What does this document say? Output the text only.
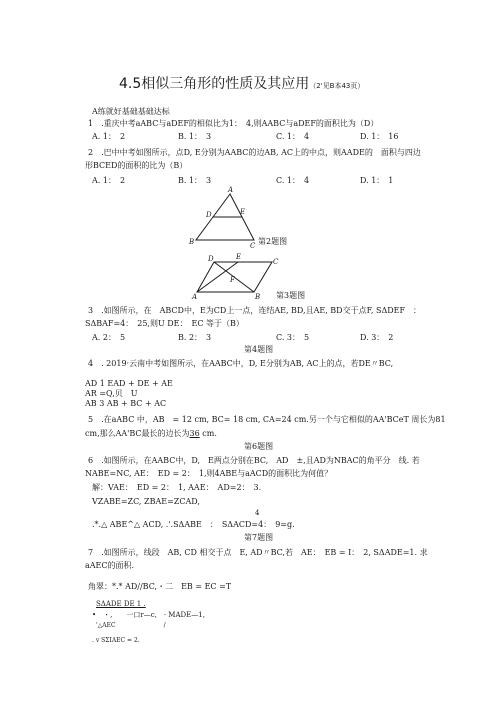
4.5相似三角形的性质及其应用（2'见B本43页）
A练就好基础基础达标
1　.重庆中考aABC与aDEF的相似比为1：　4,则AABC与aDEF的面积比为（D）
A. 1：　2	B. 1：　3	C. 1：　4	D. 1：　16
2　.巴中中考如图所示，点D, E分别为AABC的边AB, AC上的中点，则AADE的　面积与四边
形BCED的面积的比为（B）
A. 1：　2	B. 1：　3	C. 1：　4	D. 1：　1
A
D	E
B	C 第2题图
D	E
C
F
A	B 第3题图
3　.如图所示，在　ABCD中，E为CD上一点，连结AE, BD,且AE, BD交于点F, SΔDEF　：
SΔBAF=4：　25,则U DE：　EC 等于（B）
A. 2：　5	B. 2：　3	C. 3：　5	D. 3：　2
第4题图
4　. 2019·云南中考如图所示，在AABC中，D, E分别为AB, AC上的点，若DE〃BC,
AD 1 EAD + DE + AE
AR =Q,贝　U
AB 3 AB + BC + AC
5　.在aABC 中，AB　= 12 cm, BC= 18 cm, CA=24 cm.另一个与它相似的AA'BCeT 周长为81
cm,那么AA'BC最长的边长为36 cm.
第6题图
6　.如图所示，在AABC中，D,　E两点分别在BC,　AD　±,且AD为NBAC的角平分　线. 若
NABE=NC, AE：　ED = 2：　1,则4ABE与aACD的面积比为何值？
解：VAE：　ED = 2：　1, AAE：　AD=2：　3.
VZABE=ZC, ZBAE=ZCAD,
4
.*.△ ABE^△ ACD, .'.SΔABE　：　SΔACD=4：　9=g.
第7题图
7　.如图所示，线段　AB, CD 相交于点　E, AD〃BC,若　AE：　EB = I：　2, SΔADE=1. 求
aAEC的面积.
角翠：*.* AD//BC,・二　EB = EC =T
SΔADE DE 1 .
•　・,　　一口r—c,　· MADE—1,
'△AEC　　　　　　　　/
. v SΣIAEC = 2.
